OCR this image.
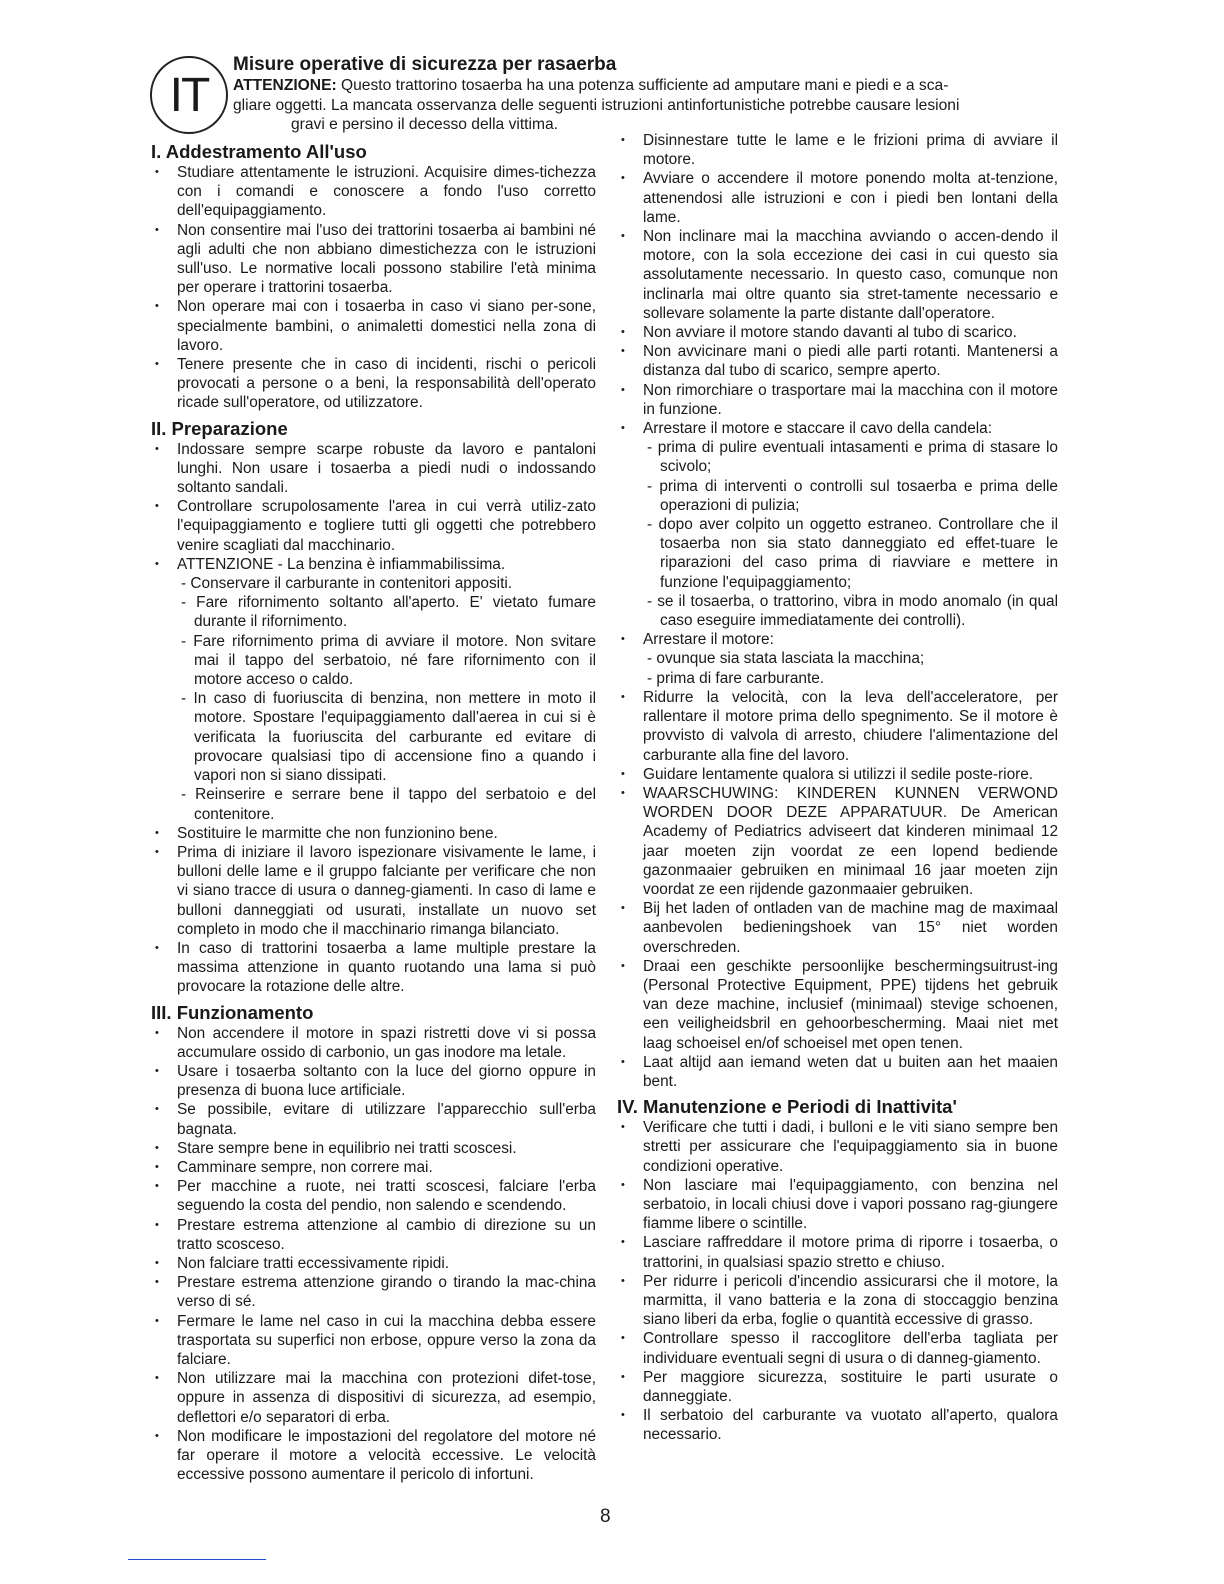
IT
Misure operative di sicurezza per rasaerba
ATTENZIONE: Questo trattorino tosaerba ha una potenza sufficiente ad amputare mani e piedi e a sca-
gliare oggetti. La mancata osservanza delle seguenti istruzioni antinfortunistiche potrebbe causare lesioni
gravi e persino il decesso della vittima.
I. Addestramento All'uso
• Studiare attentamente le istruzioni. Acquisire dimes-tichezza con i comandi e conoscere a fondo l'uso corretto dell'equipaggiamento.
• Non consentire mai l'uso dei trattorini tosaerba ai bambini né agli adulti che non abbiano dimestichezza con le istruzioni sull'uso. Le normative locali possono stabilire l'età minima per operare i trattorini tosaerba.
• Non operare mai con i tosaerba in caso vi siano per-sone, specialmente bambini, o animaletti domestici nella zona di lavoro.
• Tenere presente che in caso di incidenti, rischi o pericoli provocati a persone o a beni, la responsabilità dell'operato ricade sull'operatore, od utilizzatore.
II. Preparazione
• Indossare sempre scarpe robuste da lavoro e pantaloni lunghi. Non usare i tosaerba a piedi nudi o indossando soltanto sandali.
• Controllare scrupolosamente l'area in cui verrà utiliz-zato l'equipaggiamento e togliere tutti gli oggetti che potrebbero venire scagliati dal macchinario.
• ATTENZIONE - La benzina è infiammabilissima.
- Conservare il carburante in contenitori appositi.
- Fare rifornimento soltanto all'aperto. E' vietato fumare durante il rifornimento.
- Fare rifornimento prima di avviare il motore. Non svitare mai il tappo del serbatoio, né fare rifornimento con il motore acceso o caldo.
- In caso di fuoriuscita di benzina, non mettere in moto il motore. Spostare l'equipaggiamento dall'aerea in cui si è verificata la fuoriuscita del carburante ed evitare di provocare qualsiasi tipo di accensione fino a quando i vapori non si siano dissipati.
- Reinserire e serrare bene il tappo del serbatoio e del contenitore.
• Sostituire le marmitte che non funzionino bene.
• Prima di iniziare il lavoro ispezionare visivamente le lame, i bulloni delle lame e il gruppo falciante per verificare che non vi siano tracce di usura o danneg-giamenti. In caso di lame e bulloni danneggiati od usurati, installate un nuovo set completo in modo che il macchinario rimanga bilanciato.
• In caso di trattorini tosaerba a lame multiple prestare la massima attenzione in quanto ruotando una lama si può provocare la rotazione delle altre.
III. Funzionamento
• Non accendere il motore in spazi ristretti dove vi si possa accumulare ossido di carbonio, un gas inodore ma letale.
• Usare i tosaerba soltanto con la luce del giorno oppure in presenza di buona luce artificiale.
• Se possibile, evitare di utilizzare l'apparecchio sull'erba bagnata.
• Stare sempre bene in equilibrio nei tratti scoscesi.
• Camminare sempre, non correre mai.
• Per macchine a ruote, nei tratti scoscesi, falciare l'erba seguendo la costa del pendio, non salendo e scendendo.
• Prestare estrema attenzione al cambio di direzione su un tratto scosceso.
• Non falciare tratti eccessivamente ripidi.
• Prestare estrema attenzione girando o tirando la mac-china verso di sé.
• Fermare le lame nel caso in cui la macchina debba essere trasportata su superfici non erbose, oppure verso la zona da falciare.
• Non utilizzare mai la macchina con protezioni difet-tose, oppure in assenza di dispositivi di sicurezza, ad esempio, deflettori e/o separatori di erba.
• Non modificare le impostazioni del regolatore del motore né far operare il motore a velocità eccessive. Le velocità eccessive possono aumentare il pericolo di infortuni.
• Disinnestare tutte le lame e le frizioni prima di avviare il motore.
• Avviare o accendere il motore ponendo molta at-tenzione, attenendosi alle istruzioni e con i piedi ben lontani della lame.
• Non inclinare mai la macchina avviando o accen-dendo il motore, con la sola eccezione dei casi in cui questo sia assolutamente necessario. In questo caso, comunque non inclinarla mai oltre quanto sia stret-tamente necessario e sollevare solamente la parte distante dall'operatore.
• Non avviare il motore stando davanti al tubo di scarico.
• Non avvicinare mani o piedi alle parti rotanti. Mantenersi a distanza dal tubo di scarico, sempre aperto.
• Non rimorchiare o trasportare mai la macchina con il motore in funzione.
• Arrestare il motore e staccare il cavo della candela:
- prima di pulire eventuali intasamenti e prima di stasare lo scivolo;
- prima di interventi o controlli sul tosaerba e prima delle operazioni di pulizia;
- dopo aver colpito un oggetto estraneo. Controllare che il tosaerba non sia stato danneggiato ed effet-tuare le riparazioni del caso prima di riavviare e mettere in funzione l'equipaggiamento;
- se il tosaerba, o trattorino, vibra in modo anomalo (in qual caso eseguire immediatamente dei controlli).
• Arrestare il motore:
- ovunque sia stata lasciata la macchina;
- prima di fare carburante.
• Ridurre la velocità, con la leva dell'acceleratore, per rallentare il motore prima dello spegnimento. Se il motore è provvisto di valvola di arresto, chiudere l'alimentazione del carburante alla fine del lavoro.
• Guidare lentamente qualora si utilizzi il sedile poste-riore.
• WAARSCHUWING: KINDEREN KUNNEN VERWOND WORDEN DOOR DEZE APPARATUUR. De American Academy of Pediatrics adviseert dat kinderen minimaal 12 jaar moeten zijn voordat ze een lopend bediende gazonmaaier gebruiken en minimaal 16 jaar moeten zijn voordat ze een rijdende gazonmaaier gebruiken.
• Bij het laden of ontladen van de machine mag de maximaal aanbevolen bedieningshoek van 15° niet worden overschreden.
• Draai een geschikte persoonlijke beschermingsuitrust-ing (Personal Protective Equipment, PPE) tijdens het gebruik van deze machine, inclusief (minimaal) stevige schoenen, een veiligheidsbril en gehoorbescherming. Maai niet met laag schoeisel en/of schoeisel met open tenen.
• Laat altijd aan iemand weten dat u buiten aan het maaien bent.
IV. Manutenzione e Periodi di Inattivita'
• Verificare che tutti i dadi, i bulloni e le viti siano sempre ben stretti per assicurare che l'equipaggiamento sia in buone condizioni operative.
• Non lasciare mai l'equipaggiamento, con benzina nel serbatoio, in locali chiusi dove i vapori possano rag-giungere fiamme libere o scintille.
• Lasciare raffreddare il motore prima di riporre i tosaerba, o trattorini, in qualsiasi spazio stretto e chiuso.
• Per ridurre i pericoli d'incendio assicurarsi che il motore, la marmitta, il vano batteria e la zona di stoccaggio benzina siano liberi da erba, foglie o quantità eccessive di grasso.
• Controllare spesso il raccoglitore dell'erba tagliata per individuare eventuali segni di usura o di danneg-giamento.
• Per maggiore sicurezza, sostituire le parti usurate o danneggiate.
• Il serbatoio del carburante va vuotato all'aperto, qualora necessario.
8
